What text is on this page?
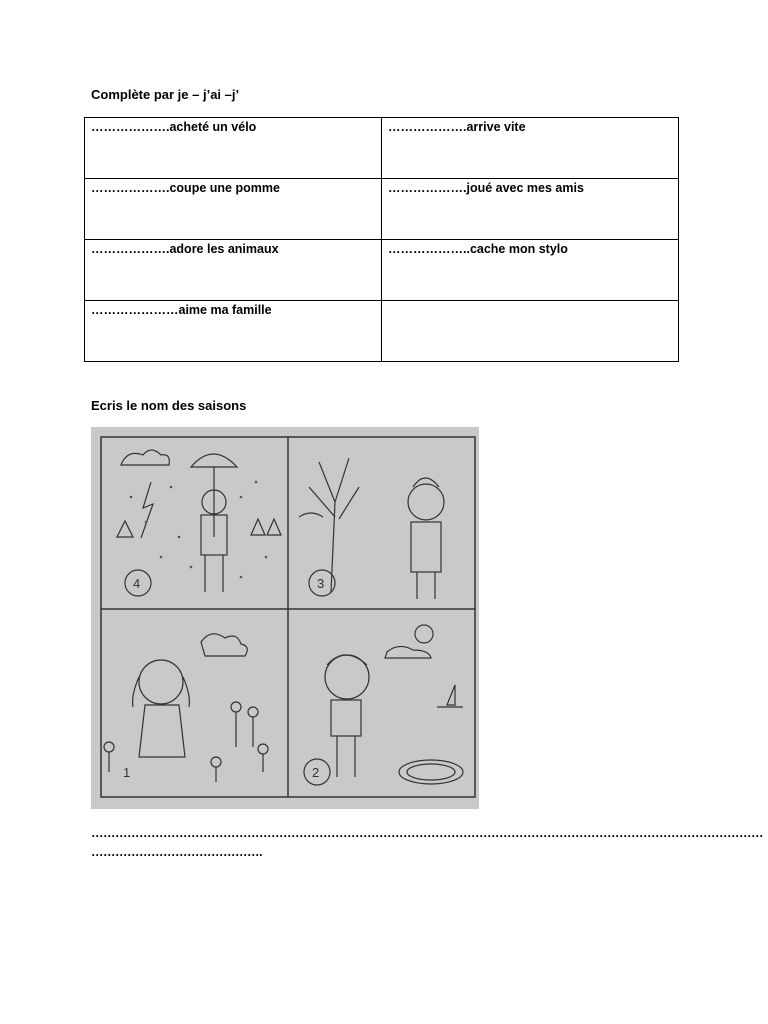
Complète par je – j’ai –j’
……………….acheté un vélo	……………….arrive vite
……………….coupe une pomme	……………….joué avec mes amis
……………….adore les animaux	………………..cache mon stylo
…………………aime ma famille	
Ecris le nom des saisons
4	3
1	2
……………………………………………………………………………………………………………………………………………………
…………………………………….
